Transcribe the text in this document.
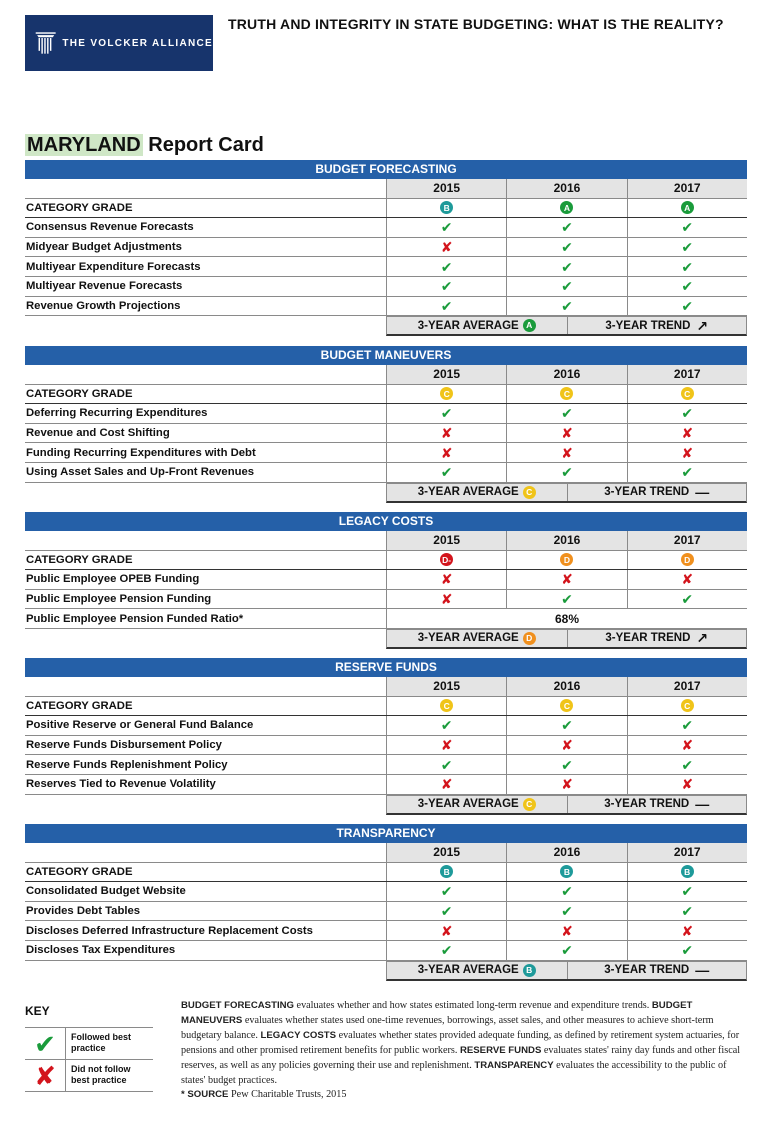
THE VOLCKER ALLIANCE
TRUTH AND INTEGRITY IN STATE BUDGETING: WHAT IS THE REALITY?
MARYLAND Report Card
BUDGET FORECASTING
2015	2016	2017
CATEGORY GRADE	B	A	A
Consensus Revenue Forecasts	✔	✔	✔
Midyear Budget Adjustments	✘	✔	✔
Multiyear Expenditure Forecasts	✔	✔	✔
Multiyear Revenue Forecasts	✔	✔	✔
Revenue Growth Projections	✔	✔	✔
3-YEAR AVERAGE A	3-YEAR TREND ↗
BUDGET MANEUVERS
2015	2016	2017
CATEGORY GRADE	C	C	C
Deferring Recurring Expenditures	✔	✔	✔
Revenue and Cost Shifting	✘	✘	✘
Funding Recurring Expenditures with Debt	✘	✘	✘
Using Asset Sales and Up-Front Revenues	✔	✔	✔
3-YEAR AVERAGE C	3-YEAR TREND —
LEGACY COSTS
2015	2016	2017
CATEGORY GRADE	D-	D	D
Public Employee OPEB Funding	✘	✘	✘
Public Employee Pension Funding	✘	✔	✔
Public Employee Pension Funded Ratio*	68%
3-YEAR AVERAGE D	3-YEAR TREND ↗
RESERVE FUNDS
2015	2016	2017
CATEGORY GRADE	C	C	C
Positive Reserve or General Fund Balance	✔	✔	✔
Reserve Funds Disbursement Policy	✘	✘	✘
Reserve Funds Replenishment Policy	✔	✔	✔
Reserves Tied to Revenue Volatility	✘	✘	✘
3-YEAR AVERAGE C	3-YEAR TREND —
TRANSPARENCY
2015	2016	2017
CATEGORY GRADE	B	B	B
Consolidated Budget Website	✔	✔	✔
Provides Debt Tables	✔	✔	✔
Discloses Deferred Infrastructure Replacement Costs	✘	✘	✘
Discloses Tax Expenditures	✔	✔	✔
3-YEAR AVERAGE B	3-YEAR TREND —
KEY
✔	Followed best practice
✘	Did not follow best practice
BUDGET FORECASTING evaluates whether and how states estimated long-term revenue and expenditure trends. BUDGET MANEUVERS evaluates whether states used one-time revenues, borrowings, asset sales, and other measures to achieve short-term budgetary balance. LEGACY COSTS evaluates whether states provided adequate funding, as defined by retirement system actuaries, for pensions and other promised retirement benefits for public workers. RESERVE FUNDS evaluates states' rainy day funds and other fiscal reserves, as well as any policies governing their use and replenishment. TRANSPARENCY evaluates the accessibility to the public of states' budget practices.
* SOURCE Pew Charitable Trusts, 2015
